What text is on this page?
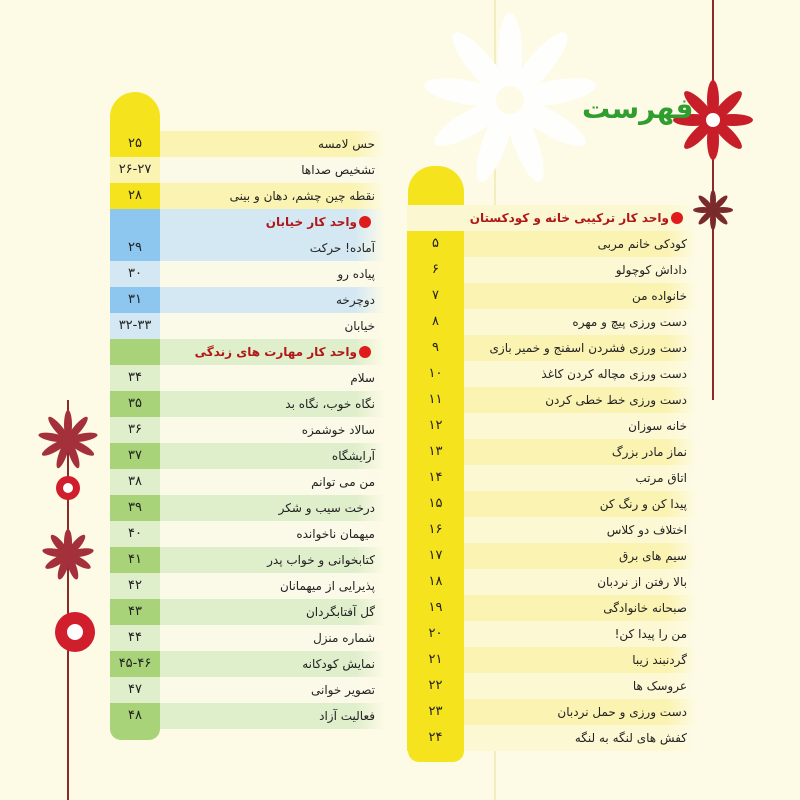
فهرست
واحد کار ترکیبی خانه و کودکستان
۵	کودکی خانم مربی
۶	داداش کوچولو
۷	خانواده من
۸	دست ورزی پیچ و مهره
۹	دست ورزی فشردن اسفنج و خمیر بازی
۱۰	دست ورزی مچاله کردن کاغذ
۱۱	دست ورزی خط خطی کردن
۱۲	خانه سوزان
۱۳	نماز مادر بزرگ
۱۴	اتاق مرتب
۱۵	پیدا کن و رنگ کن
۱۶	اختلاف دو کلاس
۱۷	سیم های برق
۱۸	بالا رفتن از نردبان
۱۹	صبحانه خانوادگی
۲۰	من را پیدا کن!
۲۱	گردنبند زیبا
۲۲	عروسک ها
۲۳	دست ورزی و حمل نردبان
۲۴	کفش های لنگه به لنگه
۲۵	حس لامسه
۲۶-۲۷	تشخیص صداها
۲۸	نقطه چین چشم، دهان و بینی
واحد کار خیابان
۲۹	آماده! حرکت
۳۰	پیاده رو
۳۱	دوچرخه
۳۲-۳۳	خیابان
واحد کار مهارت های زندگی
۳۴	سلام
۳۵	نگاه خوب، نگاه بد
۳۶	سالاد خوشمزه
۳۷	آرایشگاه
۳۸	من می توانم
۳۹	درخت سیب و شکر
۴۰	میهمان ناخوانده
۴۱	کتابخوانی و خواب پدر
۴۲	پذیرایی از میهمانان
۴۳	گل آفتابگردان
۴۴	شماره منزل
۴۵-۴۶	نمایش کودکانه
۴۷	تصویر خوانی
۴۸	فعالیت آزاد
